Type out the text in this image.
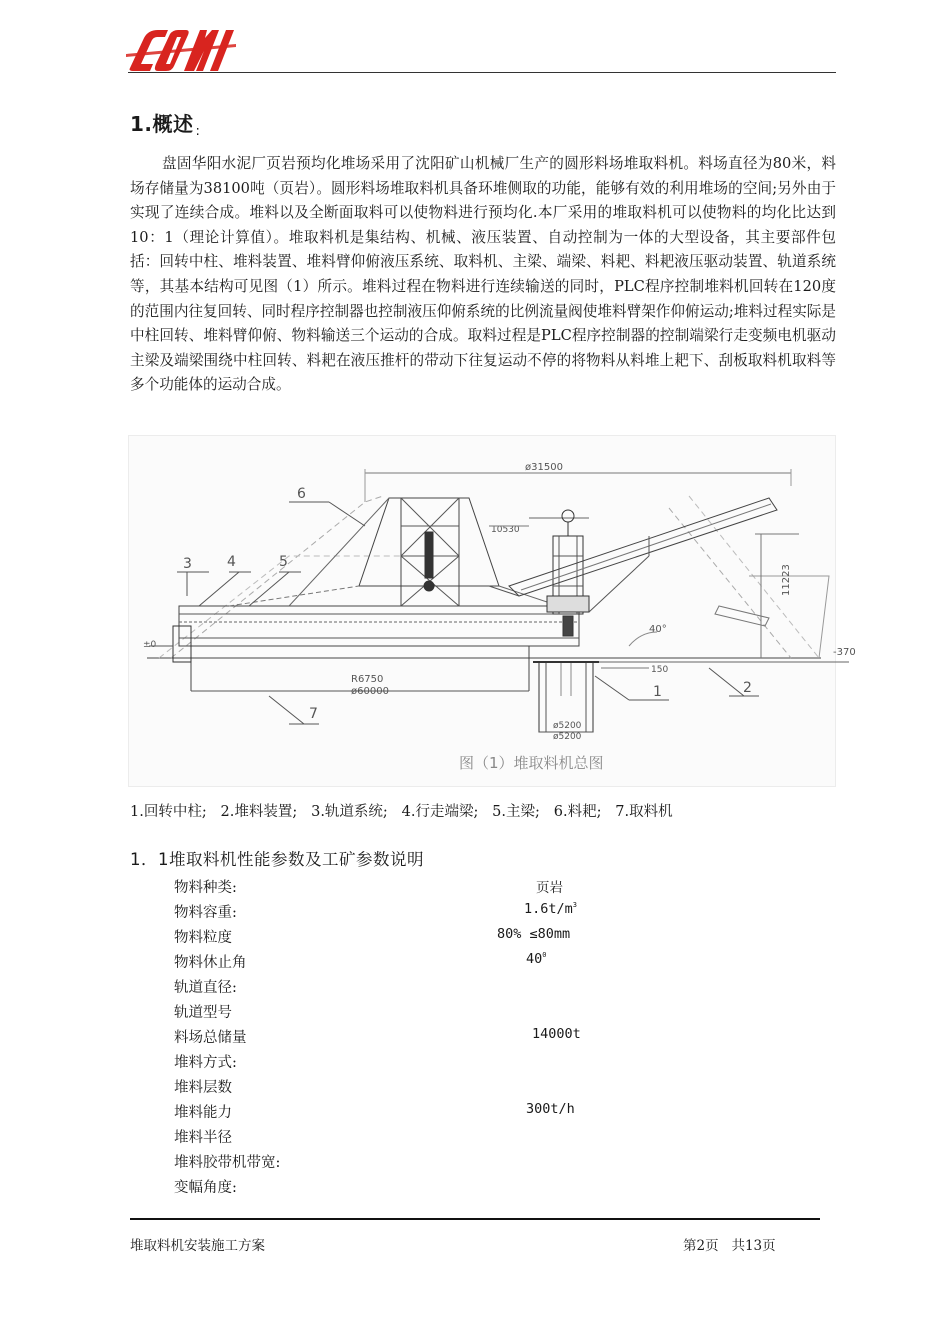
1.概述 $_:$

盘固华阳水泥厂页岩预均化堆场采用了沈阳矿山机械厂生产的圆形料场堆取料机。料场直径为80米，料场存储量为38100吨（页岩）。圆形料场堆取料机具备环堆侧取的功能，能够有效的利用堆场的空间;另外由于实现了连续合成。堆料以及全断面取料可以使物料进行预均化.本厂采用的堆取料机可以使物料的均化比达到10：1（理论计算值）。堆取料机是集结构、机械、液压装置、自动控制为一体的大型设备，其主要部件包括：回转中柱、堆料装置、堆料臂仰俯液压系统、取料机、主梁、端梁、料耙、料耙液压驱动装置、轨道系统等，其基本结构可见图（1）所示。堆料过程在物料进行连续输送的同时，PLC程序控制堆料机回转在120度的范围内往复回转、同时程序控制器也控制液压仰俯系统的比例流量阀使堆料臂架作仰俯运动;堆料过程实际是中柱回转、堆料臂仰俯、物料输送三个运动的合成。取料过程是PLC程序控制器的控制端梁行走变频电机驱动主梁及端梁围绕中柱回转、料耙在液压推杆的带动下往复运动不停的将物料从料堆上耙下、刮板取料机取料等多个功能体的运动合成。

ø31500
-370
±0
R6750
ø60000
10530
40°
11223
ø5200
ø5200
150
1	2
3	4	5
6
7
图（1）堆取料机总图
1.回转中柱;   2.堆料装置;   3.轨道系统;   4.行走端梁;   5.主梁;   6.料耙;   7.取料机
1．1堆取料机性能参数及工矿参数说明
物料种类:	页岩
物料容重:	$1.6t/m^3$
物料粒度	80% ≤80mm
物料休止角	$40^0$
轨道直径:
轨道型号
料场总储量	14000t
堆料方式:
堆料层数
堆料能力	300t/h
堆料半径
堆料胶带机带宽:
变幅角度:
堆取料机安装施工方案	第2页   共13页
